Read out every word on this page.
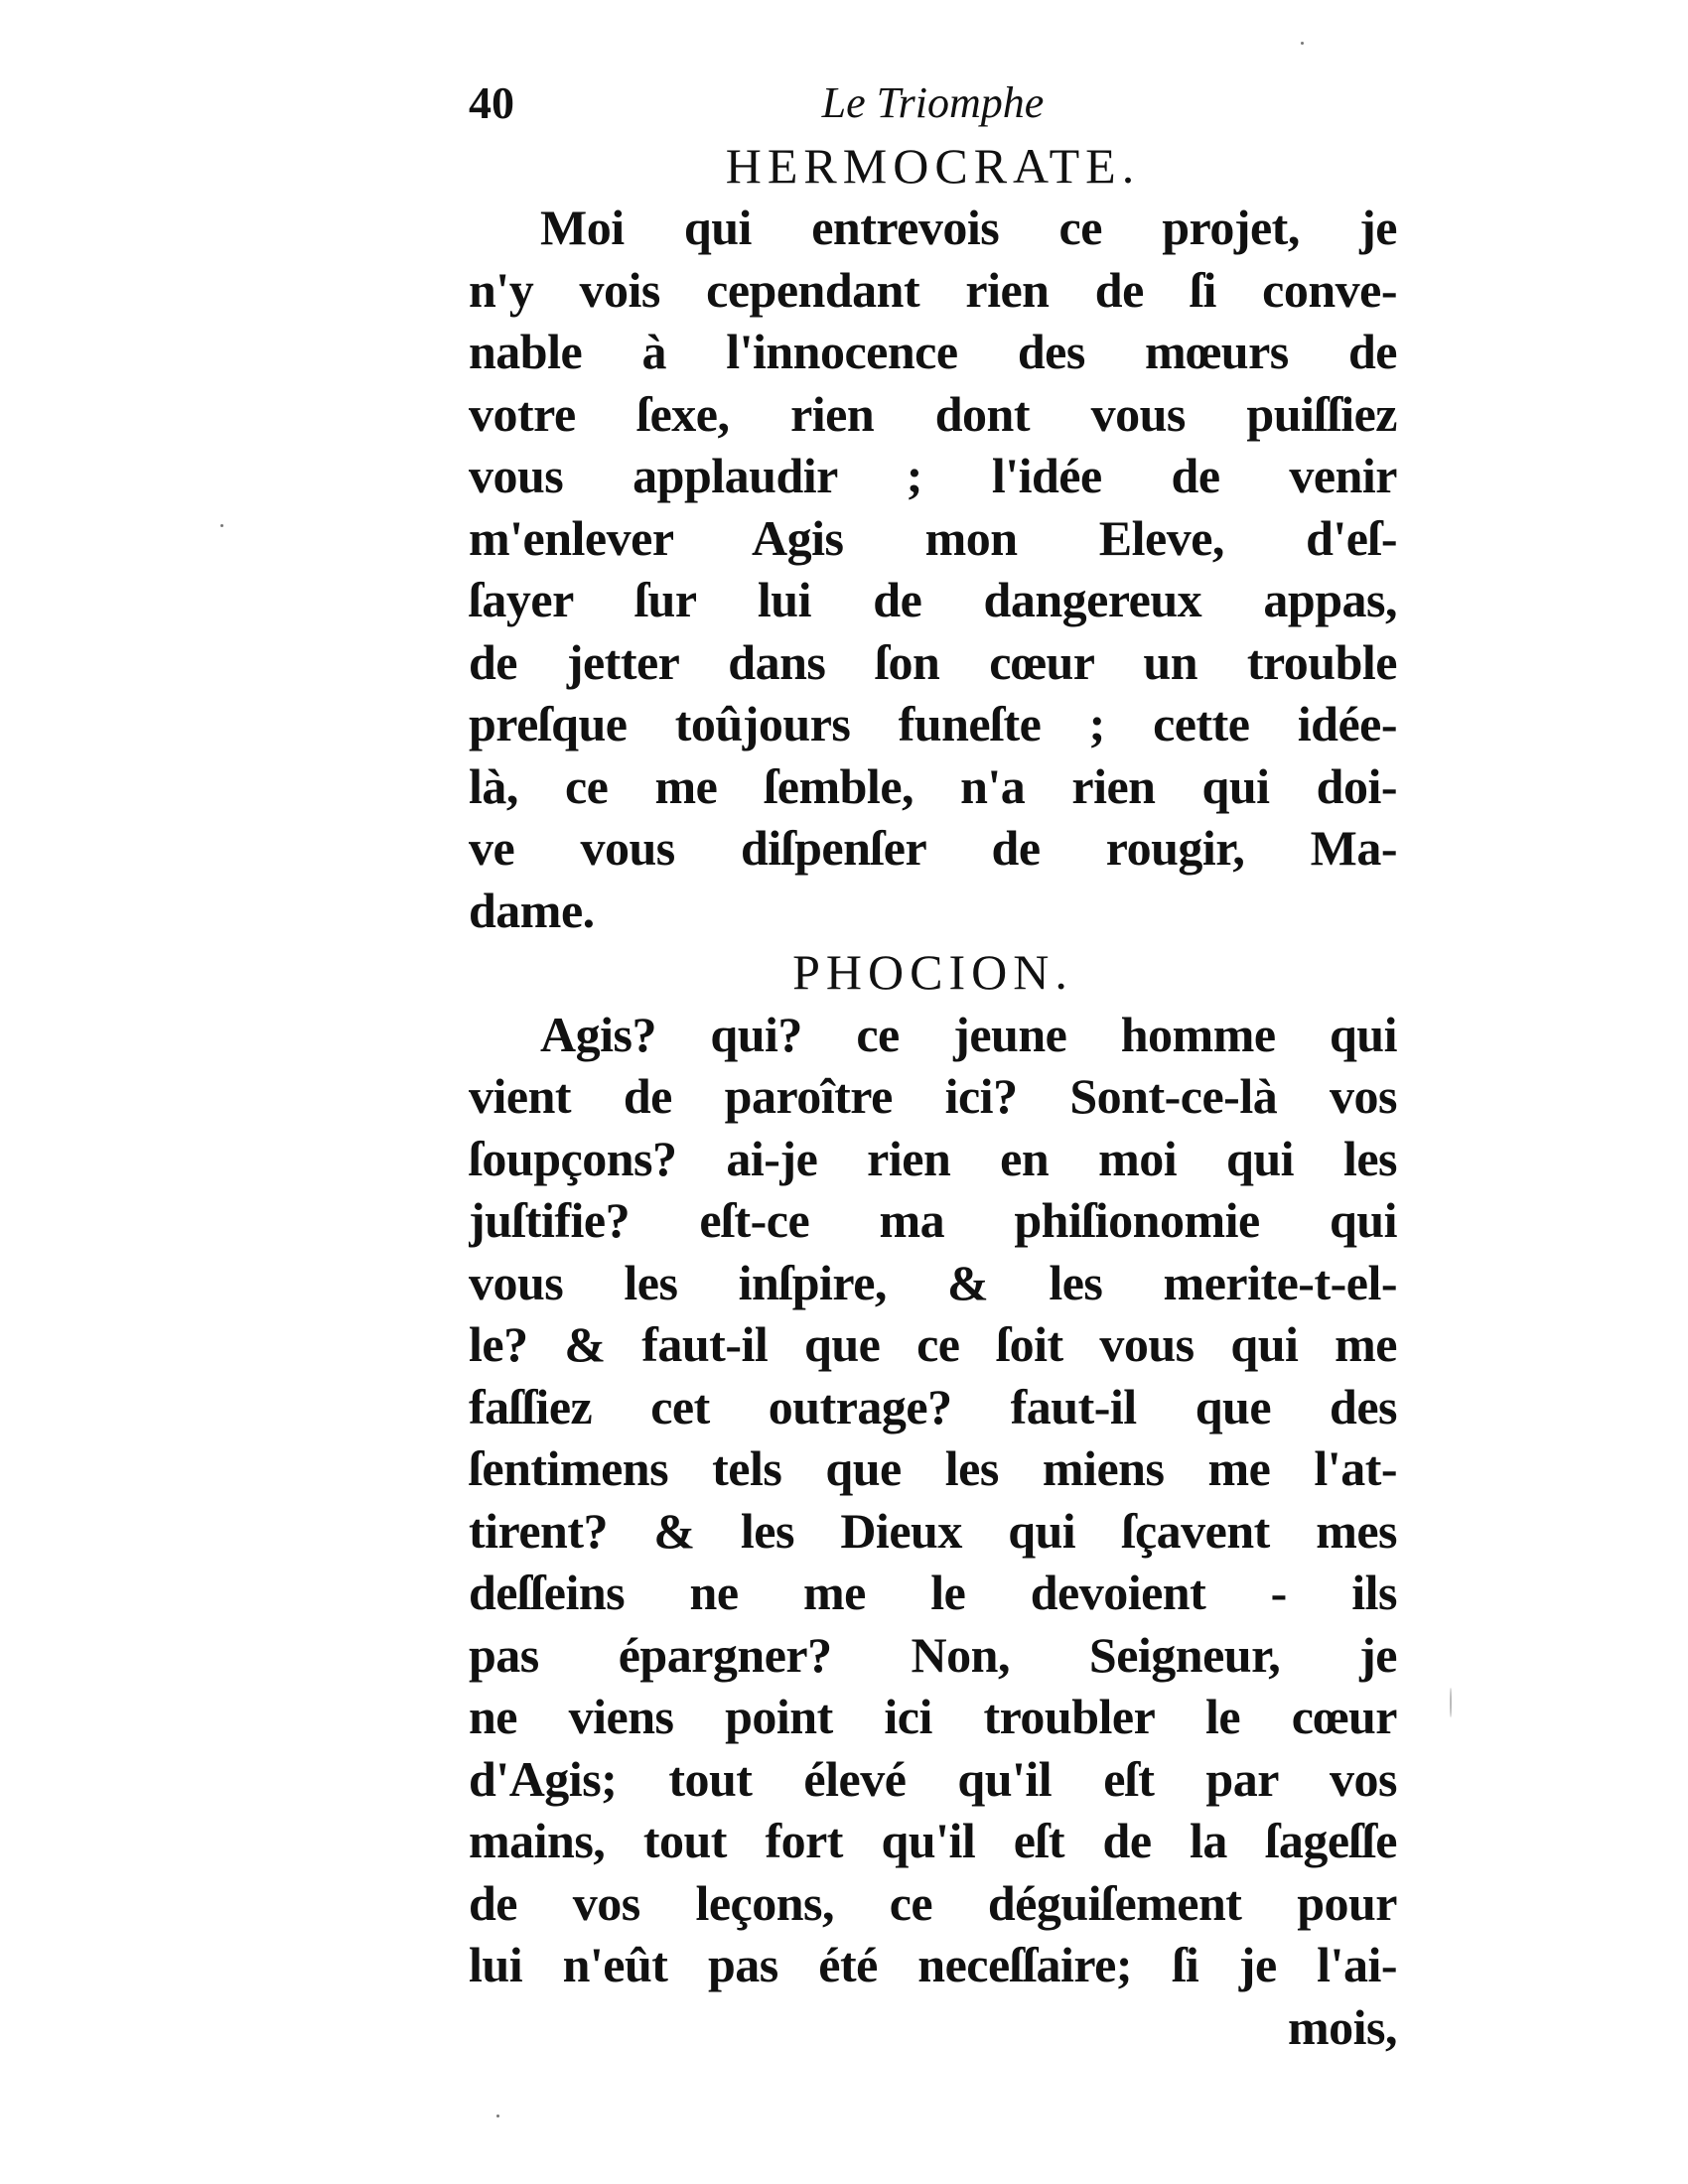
40	Le Triomphe
HERMOCRATE.
Moi qui entrevois ce projet, je
n'y vois cependant rien de ſi conve-
nable à l'innocence des mœurs de
votre ſexe, rien dont vous puiſſiez
vous applaudir ; l'idée de venir
m'enlever Agis mon Eleve, d'eſ-
ſayer ſur lui de dangereux appas,
de jetter dans ſon cœur un trouble
preſque toûjours funeſte ; cette idée-
là, ce me ſemble, n'a rien qui doi-
ve vous diſpenſer de rougir, Ma-
dame.
PHOCION.
Agis? qui? ce jeune homme qui
vient de paroître ici? Sont-ce-là vos
ſoupçons? ai-je rien en moi qui les
juſtifie? eſt-ce ma phiſionomie qui
vous les inſpire, & les merite-t-el-
le? & faut-il que ce ſoit vous qui me
faſſiez cet outrage? faut-il que des
ſentimens tels que les miens me l'at-
tirent? & les Dieux qui ſçavent mes
deſſeins ne me le devoient - ils
pas épargner? Non, Seigneur, je
ne viens point ici troubler le cœur
d'Agis; tout élevé qu'il eſt par vos
mains, tout fort qu'il eſt de la ſageſſe
de vos leçons, ce déguiſement pour
lui n'eût pas été neceſſaire; ſi je l'ai-
mois,
